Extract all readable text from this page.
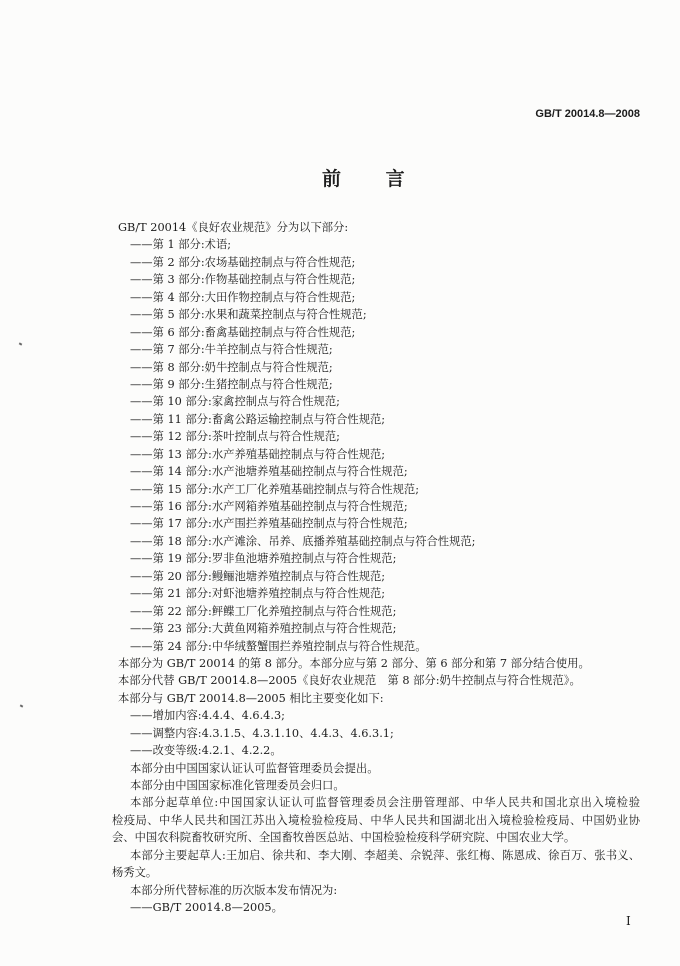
GB/T 20014.8—2008
前 言
GB/T 20014《良好农业规范》分为以下部分:
——第 1 部分:术语;
——第 2 部分:农场基础控制点与符合性规范;
——第 3 部分:作物基础控制点与符合性规范;
——第 4 部分:大田作物控制点与符合性规范;
——第 5 部分:水果和蔬菜控制点与符合性规范;
——第 6 部分:畜禽基础控制点与符合性规范;
——第 7 部分:牛羊控制点与符合性规范;
——第 8 部分:奶牛控制点与符合性规范;
——第 9 部分:生猪控制点与符合性规范;
——第 10 部分:家禽控制点与符合性规范;
——第 11 部分:畜禽公路运输控制点与符合性规范;
——第 12 部分:茶叶控制点与符合性规范;
——第 13 部分:水产养殖基础控制点与符合性规范;
——第 14 部分:水产池塘养殖基础控制点与符合性规范;
——第 15 部分:水产工厂化养殖基础控制点与符合性规范;
——第 16 部分:水产网箱养殖基础控制点与符合性规范;
——第 17 部分:水产围拦养殖基础控制点与符合性规范;
——第 18 部分:水产滩涂、吊养、底播养殖基础控制点与符合性规范;
——第 19 部分:罗非鱼池塘养殖控制点与符合性规范;
——第 20 部分:鳗鲡池塘养殖控制点与符合性规范;
——第 21 部分:对虾池塘养殖控制点与符合性规范;
——第 22 部分:鲆鲽工厂化养殖控制点与符合性规范;
——第 23 部分:大黄鱼网箱养殖控制点与符合性规范;
——第 24 部分:中华绒螯蟹围拦养殖控制点与符合性规范。
本部分为 GB/T 20014 的第 8 部分。本部分应与第 2 部分、第 6 部分和第 7 部分结合使用。
本部分代替 GB/T 20014.8—2005《良好农业规范　第 8 部分:奶牛控制点与符合性规范》。
本部分与 GB/T 20014.8—2005 相比主要变化如下:
——增加内容:4.4.4、4.6.4.3;
——调整内容:4.3.1.5、4.3.1.10、4.4.3、4.6.3.1;
——改变等级:4.2.1、4.2.2。
本部分由中国国家认证认可监督管理委员会提出。
本部分由中国国家标准化管理委员会归口。
本部分起草单位:中国国家认证认可监督管理委员会注册管理部、中华人民共和国北京出入境检验
检疫局、中华人民共和国江苏出入境检验检疫局、中华人民共和国湖北出入境检验检疫局、中国奶业协
会、中国农科院畜牧研究所、全国畜牧兽医总站、中国检验检疫科学研究院、中国农业大学。
本部分主要起草人:王加启、徐共和、李大刚、李超美、佘锐萍、张红梅、陈恩成、徐百万、张书义、
杨秀文。
本部分所代替标准的历次版本发布情况为:
——GB/T 20014.8—2005。
I
